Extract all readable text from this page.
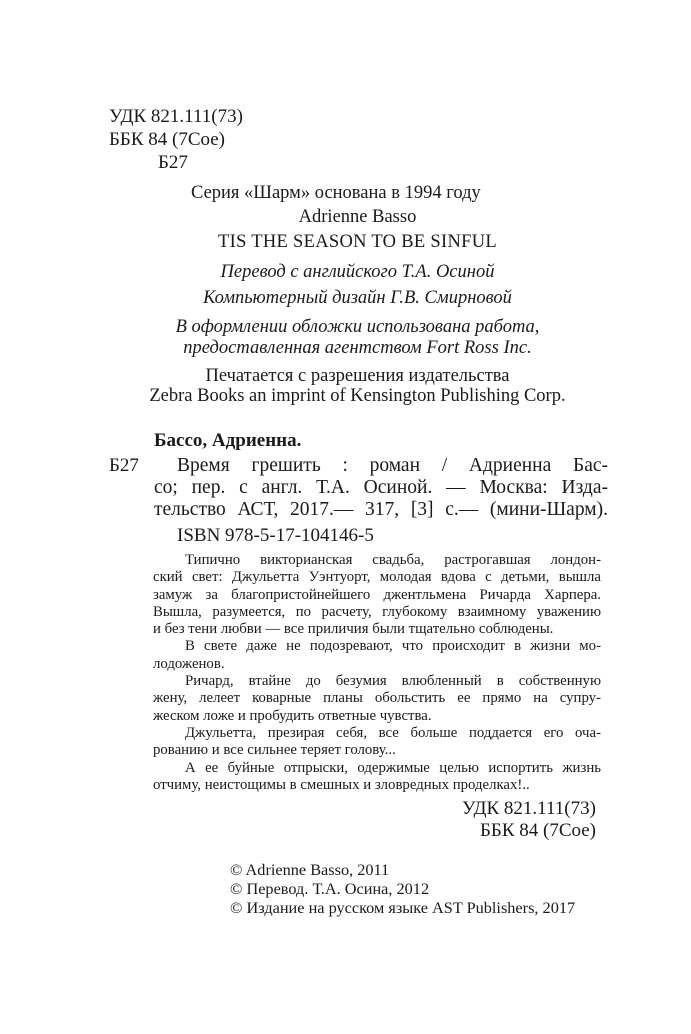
УДК 821.111(73)
ББК 84 (7Сое)
Б27
Серия «Шарм» основана в 1994 году
Adrienne Basso
TIS THE SEASON TO BE SINFUL
Перевод с английского Т.А. Осиной
Компьютерный дизайн Г.В. Смирновой
В оформлении обложки использована работа,
предоставленная агентством Fort Ross Inc.
Печатается с разрешения издательства
Zebra Books an imprint of Kensington Publishing Corp.
Бассо, Адриенна.
Б27 Время грешить : роман / Адриенна Бас-
со; пер. с англ. Т.А. Осиной. — Москва: Изда-
тельство АСТ, 2017.— 317, [3] с.— (мини-Шарм).
ISBN 978-5-17-104146-5
Типично викторианская свадьба, растрогавшая лондон-
ский свет: Джульетта Уэнтуорт, молодая вдова с детьми, вышла
замуж за благопристойнейшего джентльмена Ричарда Харпера.
Вышла, разумеется, по расчету, глубокому взаимному уважению
и без тени любви — все приличия были тщательно соблюдены.
В свете даже не подозревают, что происходит в жизни мо-
лодоженов.
Ричард, втайне до безумия влюбленный в собственную
жену, лелеет коварные планы обольстить ее прямо на супру-
жеском ложе и пробудить ответные чувства.
Джульетта, презирая себя, все больше поддается его оча-
рованию и все сильнее теряет голову...
А ее буйные отпрыски, одержимые целью испортить жизнь
отчиму, неистощимы в смешных и зловредных проделках!..
УДК 821.111(73)
ББК 84 (7Сое)
© Adrienne Basso, 2011
© Перевод. Т.А. Осина, 2012
© Издание на русском языке AST Publishers, 2017
